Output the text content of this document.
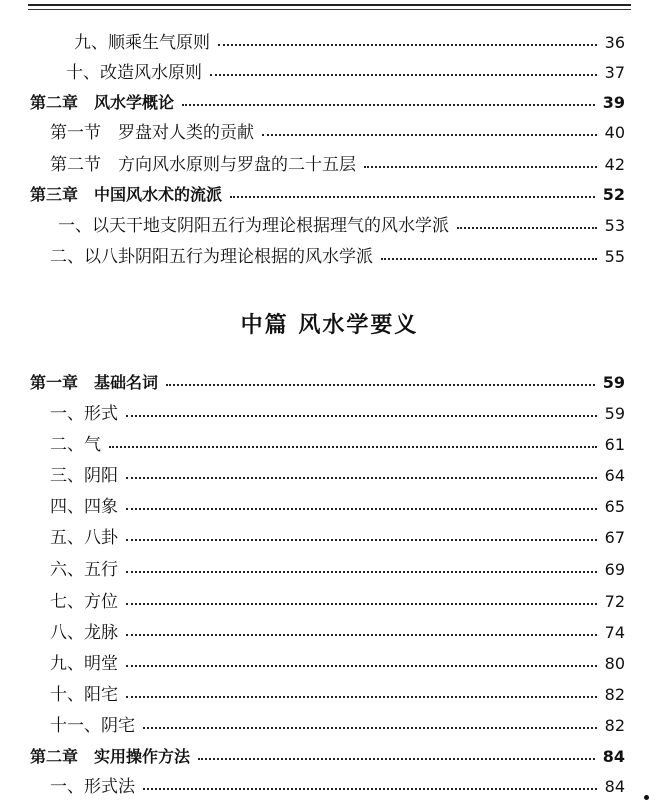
九、顺乘生气原则	36
十、改造风水原则	37
第二章　风水学概论	39
第一节　罗盘对人类的贡献	40
第二节　方向风水原则与罗盘的二十五层	42
第三章　中国风水术的流派	52
一、以天干地支阴阳五行为理论根据理气的风水学派	53
二、以八卦阴阳五行为理论根据的风水学派	55
中篇 风水学要义
第一章　基础名词	59
一、形式	59
二、气	61
三、阴阳	64
四、四象	65
五、八卦	67
六、五行	69
七、方位	72
八、龙脉	74
九、明堂	80
十、阳宅	82
十一、阴宅	82
第二章　实用操作方法	84
一、形式法	84
